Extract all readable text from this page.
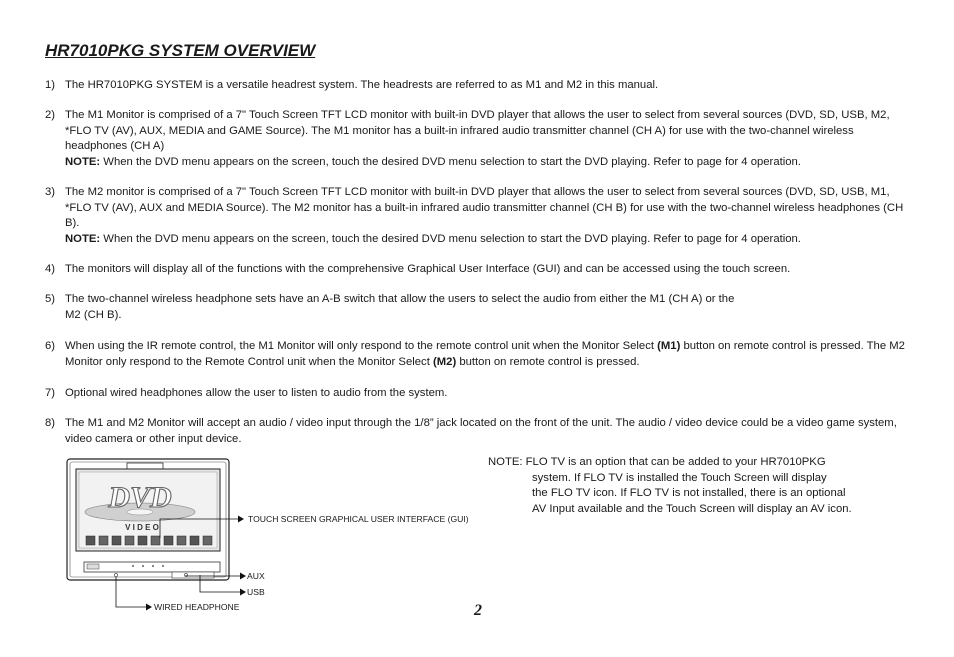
HR7010PKG SYSTEM OVERVIEW
1) The HR7010PKG SYSTEM is a versatile headrest system. The headrests are referred to as M1 and M2 in this manual.
2) The M1 Monitor is comprised of a 7" Touch Screen TFT LCD monitor with built-in DVD player that allows the user to select from several sources (DVD, SD, USB, M2, *FLO TV (AV), AUX, MEDIA and GAME Source). The M1 monitor has a built-in infrared audio transmitter channel (CH A) for use with the two-channel wireless headphones (CH A)
NOTE: When the DVD menu appears on the screen, touch the desired DVD menu selection to start the DVD playing. Refer to page for 4 operation.
3) The M2 monitor is comprised of a 7" Touch Screen TFT LCD monitor with built-in DVD player that allows the user to select from several sources (DVD, SD, USB, M1, *FLO TV (AV), AUX and MEDIA Source). The M2 monitor has a built-in infrared audio transmitter channel (CH B) for use with the two-channel wireless headphones (CH B).
NOTE: When the DVD menu appears on the screen, touch the desired DVD menu selection to start the DVD playing. Refer to page for 4 operation.
4) The monitors will display all of the functions with the comprehensive Graphical User Interface (GUI) and can be accessed using the touch screen.
5) The two-channel wireless headphone sets have an A-B switch that allow the users to select the audio from either the M1 (CH A) or the
M2 (CH B).
6) When using the IR remote control, the M1 Monitor will only respond to the remote control unit when the Monitor Select (M1) button on remote control is pressed. The M2 Monitor only respond to the Remote Control unit when the Monitor Select (M2) button on remote control is pressed.
7) Optional wired headphones allow the user to listen to audio from the system.
8) The M1 and M2 Monitor will accept an audio / video input through the 1/8” jack located on the front of the unit. The audio / video device could be a video game system, video camera or other input device.
NOTE: FLO TV is an option that can be added to your HR7010PKG
system. If FLO TV is installed the Touch Screen will display
the FLO TV icon. If FLO TV is not installed, there is an optional
AV Input available and the Touch Screen will display an AV icon.
DVD
V I D E O
TOUCH SCREEN GRAPHICAL USER INTERFACE (GUI)
AUX
USB
WIRED HEADPHONE	2
